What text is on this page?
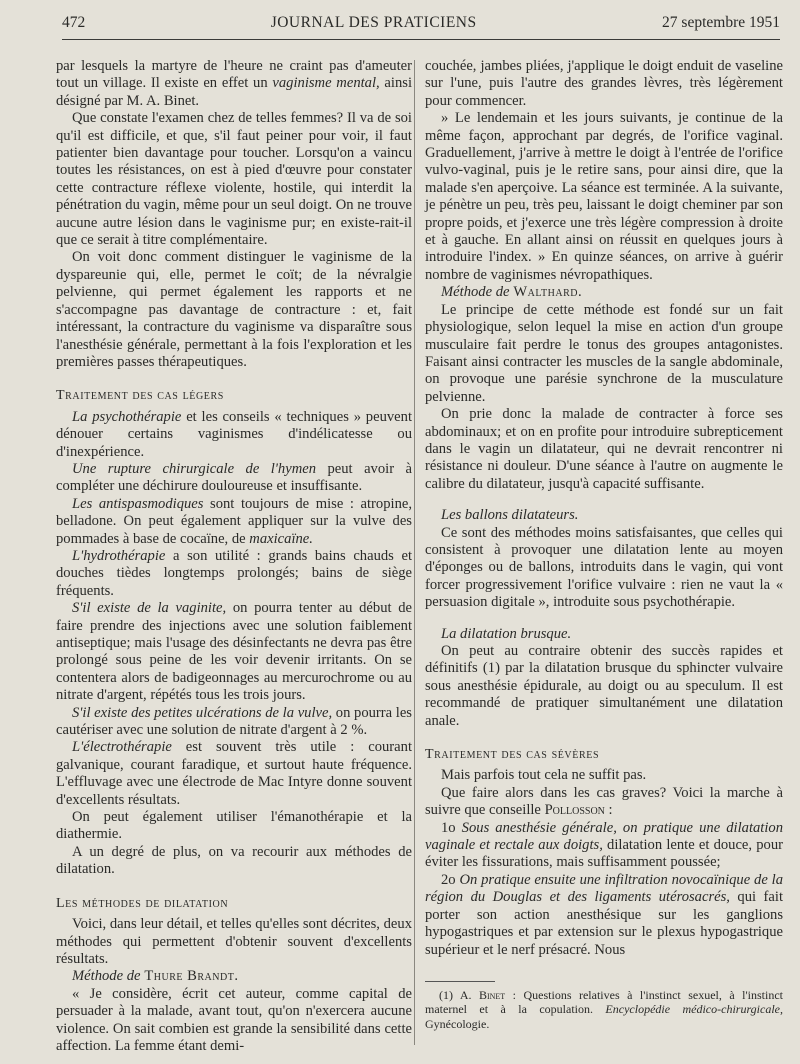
472	JOURNAL DES PRATICIENS	27 septembre 1951

par lesquels la martyre de l'heure ne craint pas d'ameuter tout un village. Il existe en effet un vaginisme mental, ainsi désigné par M. A. Binet.

Que constate l'examen chez de telles femmes? Il va de soi qu'il est difficile, et que, s'il faut peiner pour voir, il faut patienter bien davantage pour toucher. Lorsqu'on a vaincu toutes les résistances, on est à pied d'œuvre pour constater cette contracture réflexe violente, hostile, qui interdit la pénétration du vagin, même pour un seul doigt. On ne trouve aucune autre lésion dans le vaginisme pur; en existe-rait-il que ce serait à titre complémentaire.

On voit donc comment distinguer le vaginisme de la dyspareunie qui, elle, permet le coït; de la névralgie pelvienne, qui permet également les rapports et ne s'accompagne pas davantage de contracture : et, fait intéressant, la contracture du vaginisme va disparaître sous l'anesthésie générale, permettant à la fois l'exploration et les premières passes thérapeutiques.

Traitement des cas légers

La psychothérapie et les conseils « techniques » peuvent dénouer certains vaginismes d'indélicatesse ou d'inexpérience.

Une rupture chirurgicale de l'hymen peut avoir à compléter une déchirure douloureuse et insuffisante.

Les antispasmodiques sont toujours de mise : atropine, belladone. On peut également appliquer sur la vulve des pommades à base de cocaïne, de maxicaïne.

L'hydrothérapie a son utilité : grands bains chauds et douches tièdes longtemps prolongés; bains de siège fréquents.

S'il existe de la vaginite, on pourra tenter au début de faire prendre des injections avec une solution faiblement antiseptique; mais l'usage des désinfectants ne devra pas être prolongé sous peine de les voir devenir irritants. On se contentera alors de badigeonnages au mercurochrome ou au nitrate d'argent, répétés tous les trois jours.

S'il existe des petites ulcérations de la vulve, on pourra les cautériser avec une solution de nitrate d'argent à 2 %.

L'électrothérapie est souvent très utile : courant galvanique, courant faradique, et surtout haute fréquence. L'effluvage avec une électrode de Mac Intyre donne souvent d'excellents résultats.

On peut également utiliser l'émanothérapie et la diathermie.

A un degré de plus, on va recourir aux méthodes de dilatation.

Les méthodes de dilatation

Voici, dans leur détail, et telles qu'elles sont décrites, deux méthodes qui permettent d'obtenir souvent d'excellents résultats.

Méthode de Thure Brandt.

« Je considère, écrit cet auteur, comme capital de persuader à la malade, avant tout, qu'on n'exercera aucune violence. On sait combien est grande la sensibilité dans cette affection. La femme étant demi-

couchée, jambes pliées, j'applique le doigt enduit de vaseline sur l'une, puis l'autre des grandes lèvres, très légèrement pour commencer.

» Le lendemain et les jours suivants, je continue de la même façon, approchant par degrés, de l'orifice vaginal. Graduellement, j'arrive à mettre le doigt à l'entrée de l'orifice vulvo-vaginal, puis je le retire sans, pour ainsi dire, que la malade s'en aperçoive. La séance est terminée. A la suivante, je pénètre un peu, très peu, laissant le doigt cheminer par son propre poids, et j'exerce une très légère compression à droite et à gauche. En allant ainsi on réussit en quelques jours à introduire l'index. » En quinze séances, on arrive à guérir nombre de vaginismes névropathiques.

Méthode de Walthard.

Le principe de cette méthode est fondé sur un fait physiologique, selon lequel la mise en action d'un groupe musculaire fait perdre le tonus des groupes antagonistes. Faisant ainsi contracter les muscles de la sangle abdominale, on provoque une parésie synchrone de la musculature pelvienne.

On prie donc la malade de contracter à force ses abdominaux; et on en profite pour introduire subrepticement dans le vagin un dilatateur, qui ne devrait rencontrer ni résistance ni douleur. D'une séance à l'autre on augmente le calibre du dilatateur, jusqu'à capacité suffisante.

Les ballons dilatateurs.

Ce sont des méthodes moins satisfaisantes, que celles qui consistent à provoquer une dilatation lente au moyen d'éponges ou de ballons, introduits dans le vagin, qui vont forcer progressivement l'orifice vulvaire : rien ne vaut la « persuasion digitale », introduite sous psychothérapie.

La dilatation brusque.

On peut au contraire obtenir des succès rapides et définitifs (1) par la dilatation brusque du sphincter vulvaire sous anesthésie épidurale, au doigt ou au speculum. Il est recommandé de pratiquer simultanément une dilatation anale.

Traitement des cas sévères

Mais parfois tout cela ne suffit pas.

Que faire alors dans les cas graves? Voici la marche à suivre que conseille Pollosson :

1o Sous anesthésie générale, on pratique une dilatation vaginale et rectale aux doigts, dilatation lente et douce, pour éviter les fissurations, mais suffisamment poussée;

2o On pratique ensuite une infiltration novocaïnique de la région du Douglas et des ligaments utérosacrés, qui fait porter son action anesthésique sur les ganglions hypogastriques et par extension sur le plexus hypogastrique supérieur et le nerf présacré. Nous

(1) A. Binet : Questions relatives à l'instinct sexuel, à l'instinct maternel et à la copulation. Encyclopédie médico-chirurgicale, Gynécologie.
